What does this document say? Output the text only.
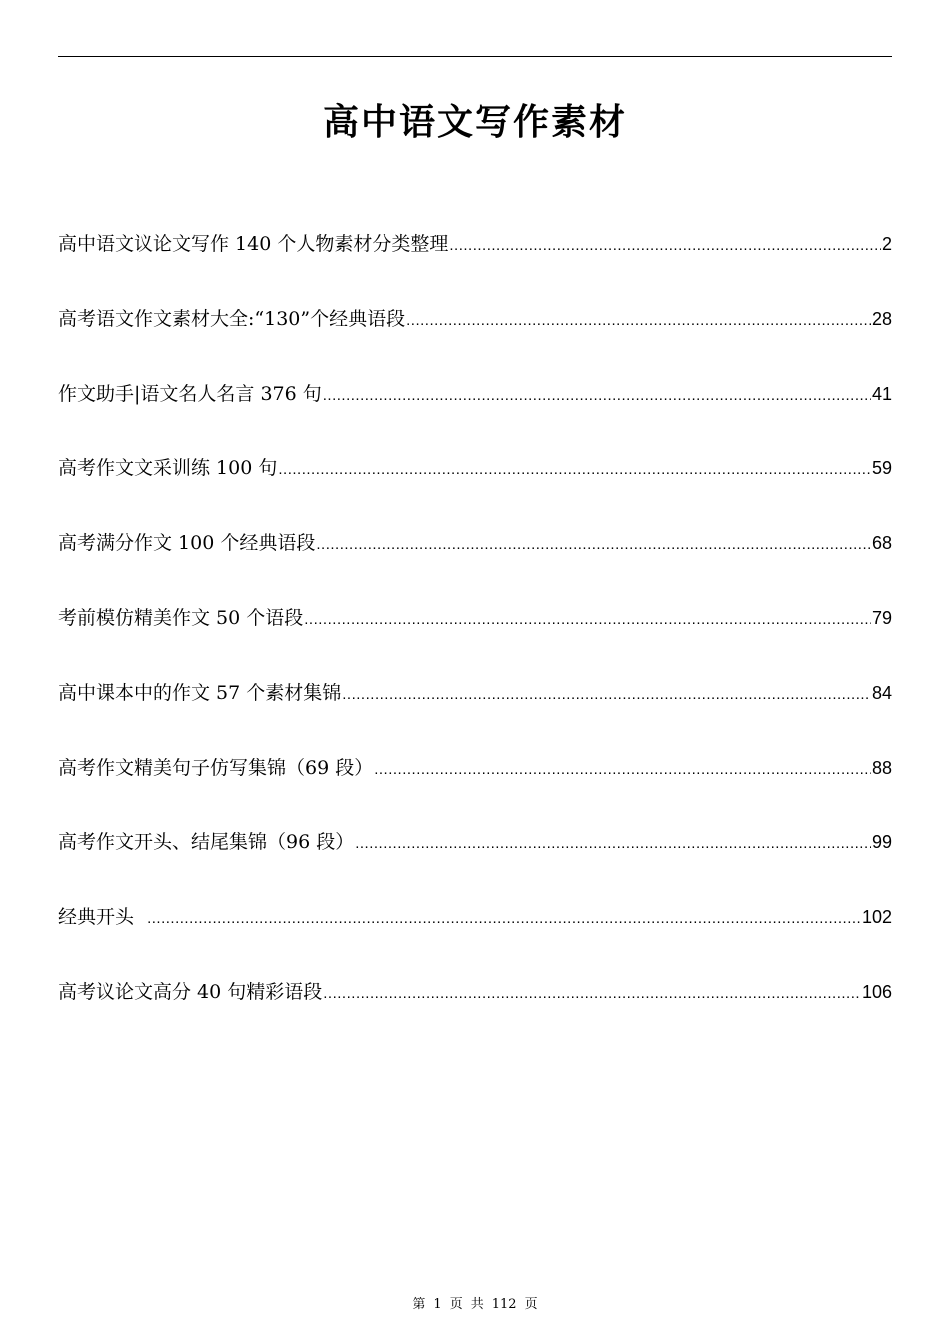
高中语文写作素材
高中语文议论文写作 140 个人物素材分类整理 .....	2
高考语文作文素材大全:“130”个经典语段 .....	28
作文助手|语文名人名言 376 句 .....	41
高考作文文采训练 100 句 .....	59
高考满分作文 100 个经典语段 .....	68
考前模仿精美作文 50 个语段 .....	79
高中课本中的作文 57 个素材集锦 .....	84
高考作文精美句子仿写集锦（69 段） .....	88
高考作文开头、结尾集锦（96 段） .....	99
经典开头 .....	102
高考议论文高分 40 句精彩语段 .....	106
第 1 页 共 112 页
